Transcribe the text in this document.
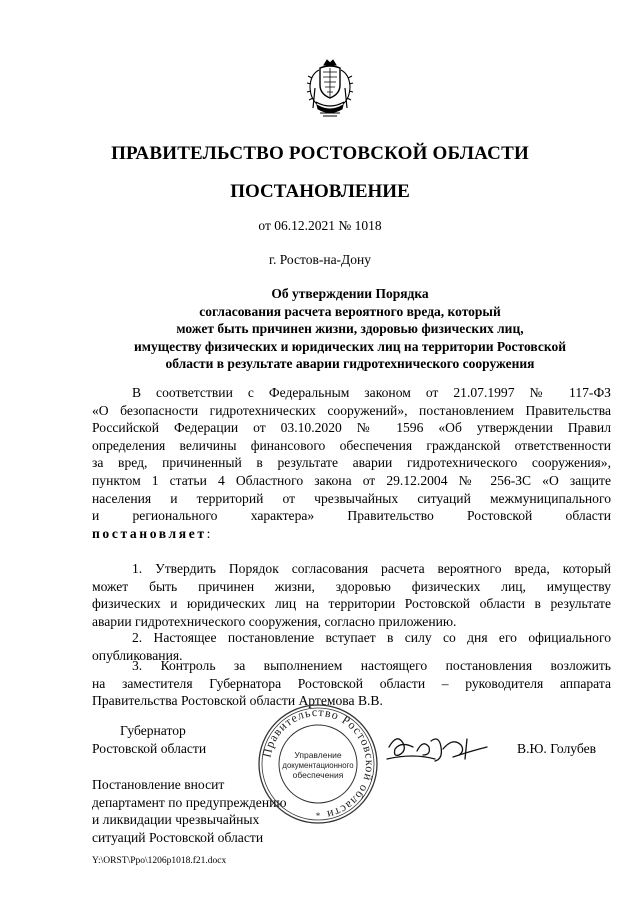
ПРАВИТЕЛЬСТВО РОСТОВСКОЙ ОБЛАСТИ
ПОСТАНОВЛЕНИЕ
от 06.12.2021 № 1018
г. Ростов-на-Дону
Об утверждении Порядка
согласования расчета вероятного вреда, который
может быть причинен жизни, здоровью физических лиц,
имуществу физических и юридических лиц на территории Ростовской
области в результате аварии гидротехнического сооружения
В соответствии с Федеральным законом от 21.07.1997 № 117-ФЗ
«О безопасности гидротехнических сооружений», постановлением Правительства
Российской Федерации от 03.10.2020 № 1596 «Об утверждении Правил
определения величины финансового обеспечения гражданской ответственности
за вред, причиненный в результате аварии гидротехнического сооружения»,
пунктом 1 статьи 4 Областного закона от 29.12.2004 № 256-ЗС «О защите
населения и территорий от чрезвычайных ситуаций межмуниципального
и регионального характера» Правительство Ростовской области
постановляет:
1. Утвердить Порядок согласования расчета вероятного вреда, который
может быть причинен жизни, здоровью физических лиц, имуществу
физических и юридических лиц на территории Ростовской области в результате
аварии гидротехнического сооружения, согласно приложению.
2. Настоящее постановление вступает в силу со дня его официального
опубликования.
3. Контроль за выполнением настоящего постановления возложить
на заместителя Губернатора Ростовской области – руководителя аппарата
Правительства Ростовской области Артемова В.В.
Губернатор
Ростовской области	В.Ю. Голубев
Постановление вносит
департамент по предупреждению
и ликвидации чрезвычайных
ситуаций Ростовской области
Правительство Ростовской области
Управление
документационного
обеспечения
*
Y:\ORST\Ppo\1206p1018.f21.docx
